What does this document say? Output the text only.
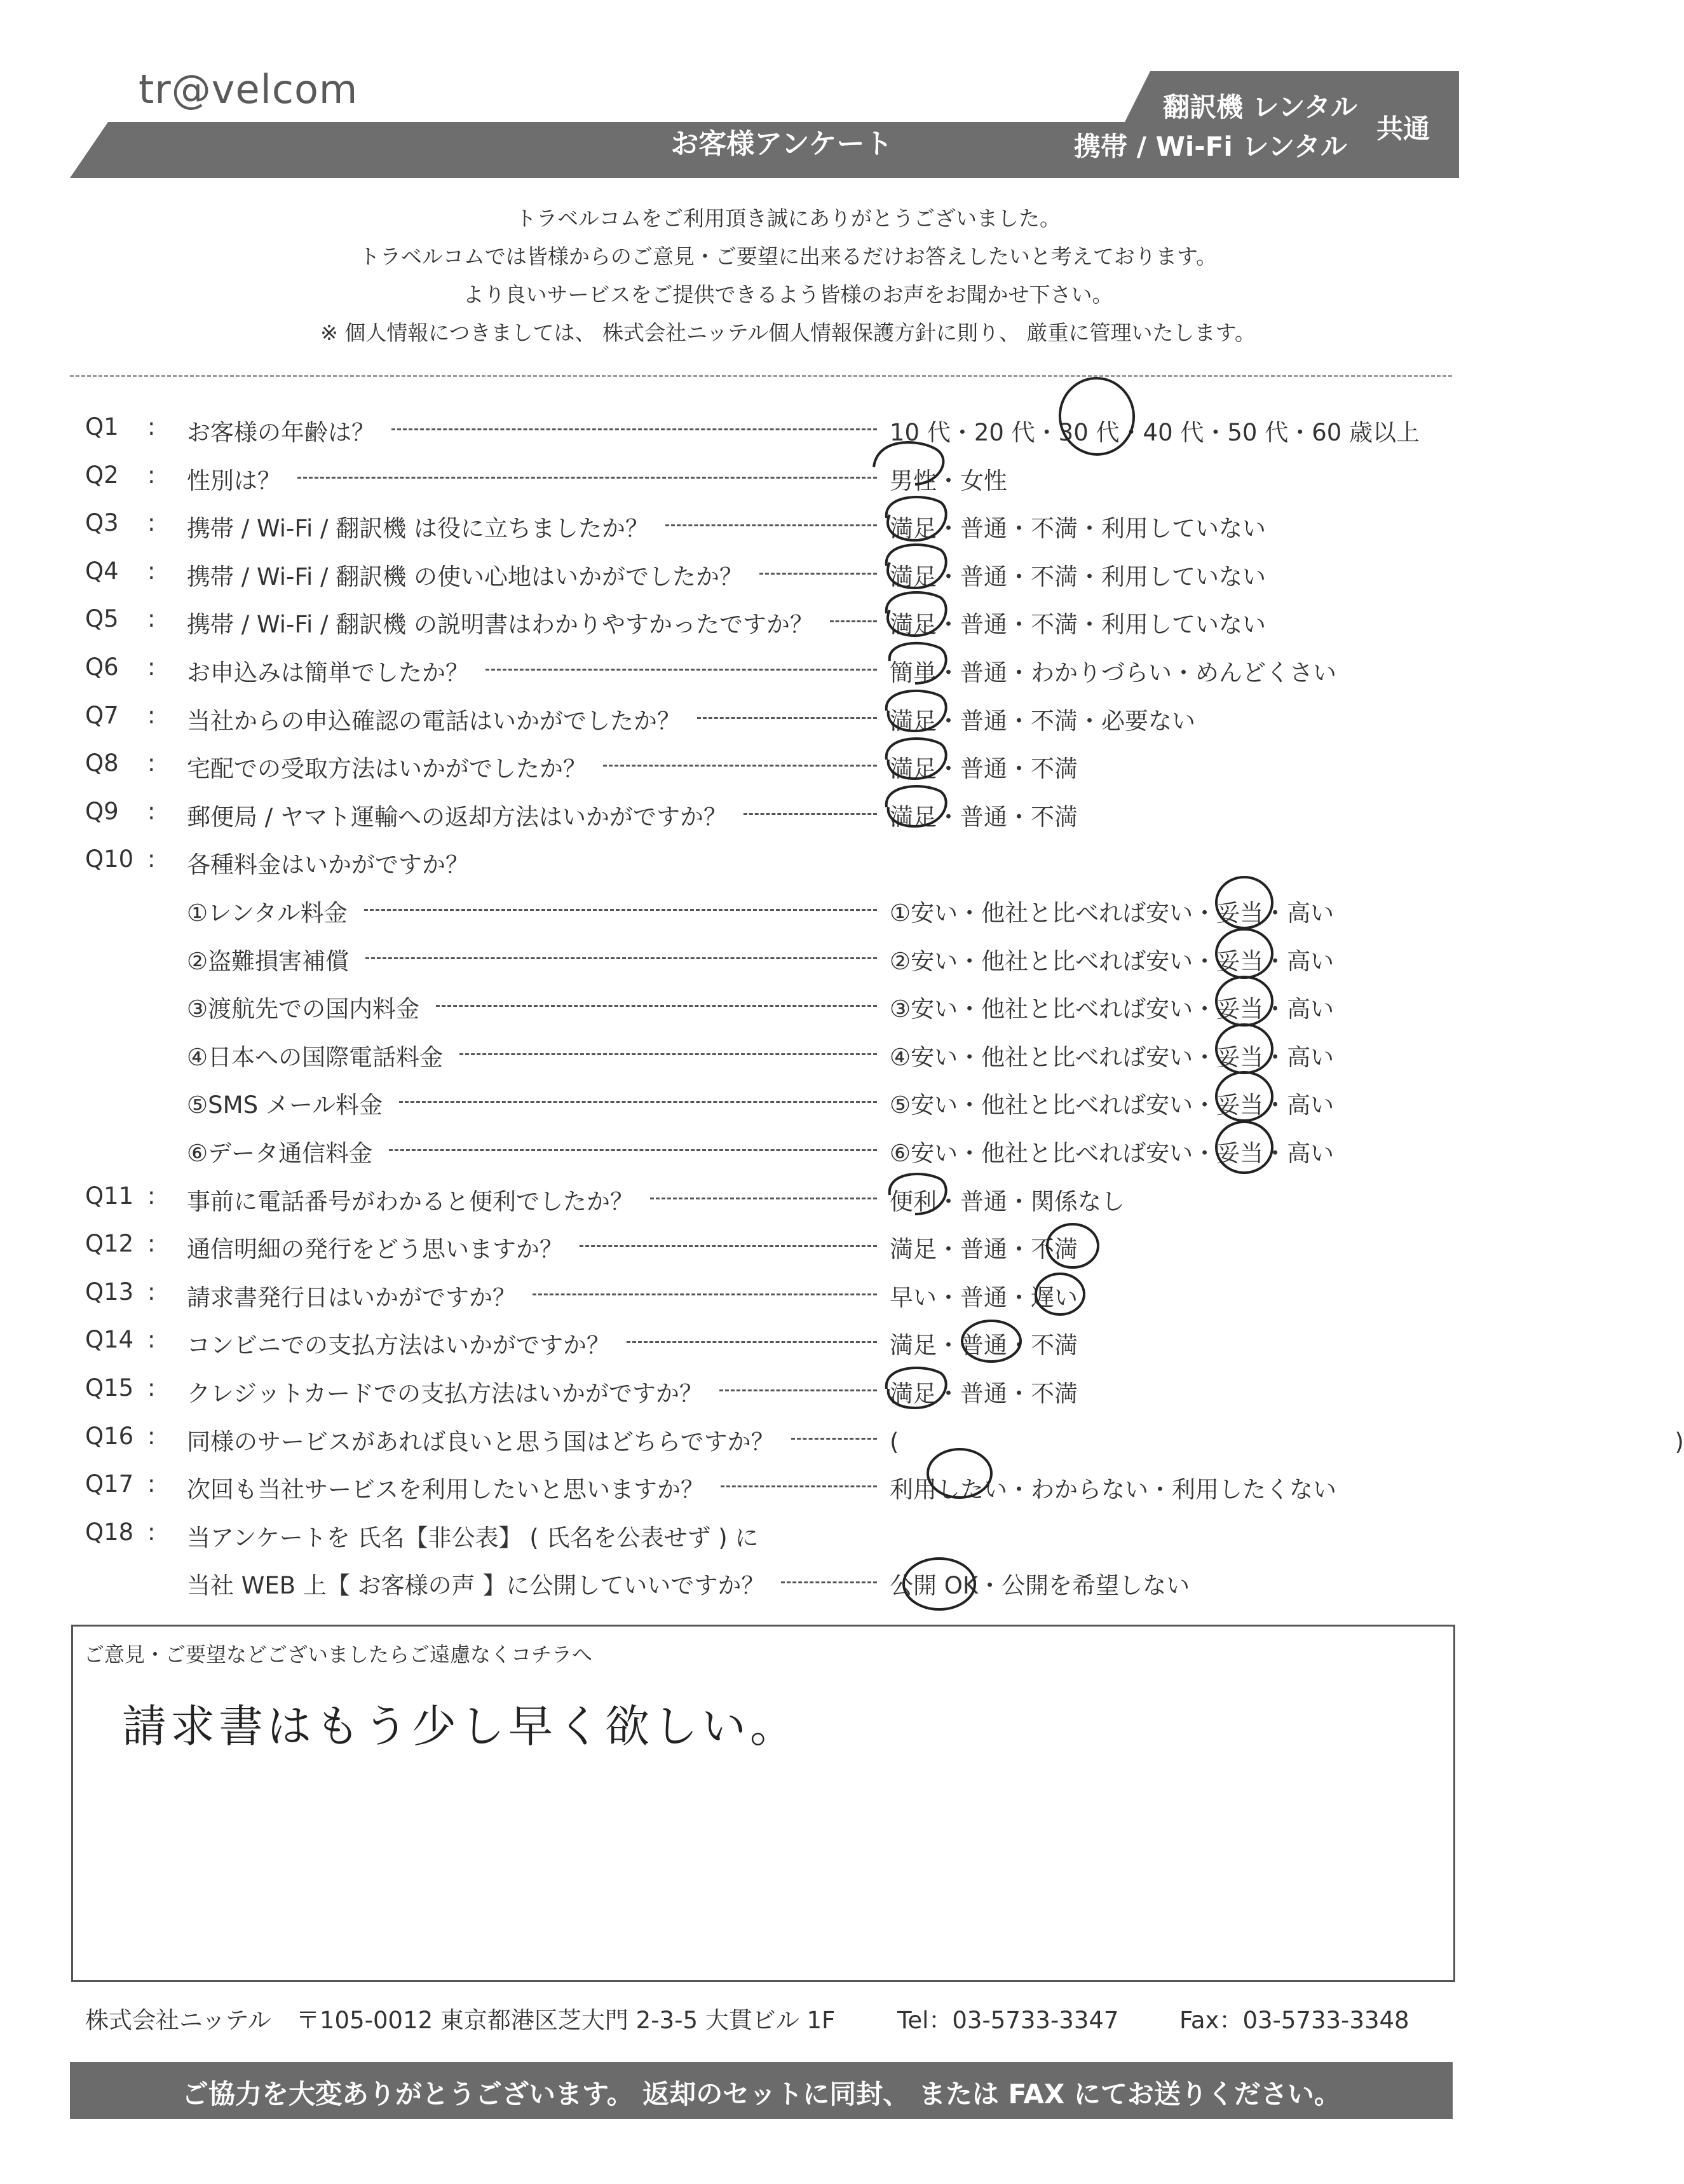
tr@velcom
お客様アンケート
翻訳機 レンタル
携帯 / Wi-Fi レンタル
共通
トラベルコムをご利用頂き誠にありがとうございました。
トラベルコムでは皆様からのご意見・ご要望に出来るだけお答えしたいと考えております。
より良いサービスをご提供できるよう皆様のお声をお聞かせ下さい。
※ 個人情報につきましては、 株式会社ニッテル個人情報保護方針に則り、 厳重に管理いたします。
Q1	お客様の年齢は？	10 代・20 代・30 代・40 代・50 代・60 歳以上
:
Q2	性別は？	男性・女性
:
Q3	携帯 / Wi-Fi / 翻訳機 は役に立ちましたか？	満足・普通・不満・利用していない
:
Q4	携帯 / Wi-Fi / 翻訳機 の使い心地はいかがでしたか？	満足・普通・不満・利用していない
:
Q5	携帯 / Wi-Fi / 翻訳機 の説明書はわかりやすかったですか？	満足・普通・不満・利用していない
:
Q6	お申込みは簡単でしたか？	簡単・普通・わかりづらい・めんどくさい
:
Q7	当社からの申込確認の電話はいかがでしたか？	満足・普通・不満・必要ない
:
Q8	宅配での受取方法はいかがでしたか？	満足・普通・不満
:
Q9	郵便局 / ヤマト運輸への返却方法はいかがですか？	満足・普通・不満
:
Q10	各種料金はいかがですか？
:
①レンタル料金	①安い・他社と比べれば安い・妥当・高い
②盗難損害補償	②安い・他社と比べれば安い・妥当・高い
③渡航先での国内料金	③安い・他社と比べれば安い・妥当・高い
④日本への国際電話料金	④安い・他社と比べれば安い・妥当・高い
⑤SMS メール料金	⑤安い・他社と比べれば安い・妥当・高い
⑥データ通信料金	⑥安い・他社と比べれば安い・妥当・高い
Q11	事前に電話番号がわかると便利でしたか？	便利・普通・関係なし
:
Q12	通信明細の発行をどう思いますか？	満足・普通・不満
:
Q13	請求書発行日はいかがですか？	早い・普通・遅い
:
Q14	コンビニでの支払方法はいかがですか？	満足・普通・不満
:
Q15	クレジットカードでの支払方法はいかがですか？	満足・普通・不満
:
Q16	同様のサービスがあれば良いと思う国はどちらですか？	(　　　　　　　　　　　　　　　　　　　　　　　　　　　　　　　　　)
:
Q17	次回も当社サービスを利用したいと思いますか？	利用したい・わからない・利用したくない
:
Q18	当アンケートを 氏名【非公表】 ( 氏名を公表せず ) に
:
当社 WEB 上【 お客様の声 】に公開していいですか？	公開 OK・公開を希望しない
ご意見・ご要望などございましたらご遠慮なくコチラへ
請求書はもう少し早く欲しい。
株式会社ニッテル 〒105-0012 東京都港区芝大門 2-3-5 大貫ビル 1F	Tel：03-5733-3347	Fax：03-5733-3348
ご協力を大変ありがとうございます。 返却のセットに同封、 または FAX にてお送りください。
